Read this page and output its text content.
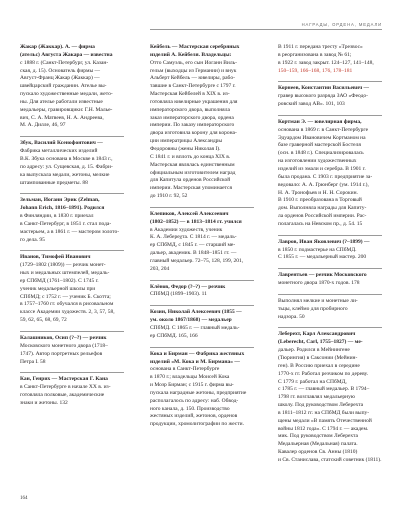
НАГРАДЫ, ОРДЕНА, МЕДАЛИ
Жакар (Жаккар). А. — фирма
(ательс) Августа Жакара — известна
с 1888 г. (Санкт-Петербург, ул. Казан-
ская, д. 15). Основатель фирмы —
Август-Франц Жакар (Жаккар) —
швейцарский гражданин. Ателье вы-
пускало художественные медали, жето-
ны. Для ателье работали известные
медальеры, гравировщики: Г.Н. Малье-
вич, С. А. Матвеев, Н. А. Андреева,
М. А. Дилле, 46, 97
Збук, Василий Ксенофонтович —
Фабрика металлических изделий
В.К. Збука основана в Москве в 1843 г.,
по адресу: ул. Сущевская, д. 15. Фабри-
ка выпускала медали, жетоны, мелкие
штампованные предметы. 88
Зельман, Иоганн Эрик (Zelman,
Johann Erich, 1816–1891). Родился
в Финляндии, в 1830 г. приехал
в Санкт-Петербург, в 1851 г. стал пода-
мастерьем, а в 1861 г. — мастером золото-
го дела. 95
Иванов, Тимофей Иванович
(1729–1802 (1809)) — резчик монет-
ных и медальных штемпелей, медаль-
ер СПбМД (1761–1802). С 1745 г.
ученик медальерной школы при
СПбМД; с 1752 г. — ученик Б. Скотта;
в 1757–1760 гг. обучался в рисовальном
классе Академии художеств. 2, 3, 57, 58,
59, 62, 65, 68, 69, 72
Калашников, Осип (?–?) — резчик
Московского монетного двора (1718–
1747). Автор портретных рельефов
Петра I. 58
Кан, Генрих — Мастерская Г. Кана
в Санкт-Петербурге в начале XX в. из-
готовляла полковые, академические
знаки и жетоны. 132
Кейбель — Мастерская серебряных
изделий А. Кейбеля. Владельцы:
Отто Самуэль, его сын Иоганн Виль-
гельм (выходцы из Германии) и внук
Альберт Кейбель — ювелиры, рабо-
тавшие в Санкт-Петербурге с 1797 г.
Мастерская Кейбелей в XIX в. из-
готовляла ювелирные украшения для
императорского двора, выполняла
заказ императорского двора, ордена
империи. По заказу императорского
двора изготовила корону для корона-
ции императрицы Александры
Федоровны (жены Николая I).
С 1841 г. и вплоть до конца XIX в.
Мастерская являлась единственным
официальным изготовителем наград
для Капитула орденов Российской
империи. Мастерская упоминается
до 1910 г. 92, 52
Клепиков, Алексей Алексеевич
(1802–1852) — в 1813–1814 гг. учился
в Академии художеств, ученик
К. А. Лебереχта. С 1814 г. — медаль-
ер СПбМД, с 1845 г. — старший ме-
дальер, академик. В 1848–1851 гг. —
главный медальер. 72–75, 128, 199, 201,
203, 204
Клёнов, Федор (?–?) — резчик
СПбМД (1899–1903). 11
Козин, Николай Алексеевич (1855 —
ум. около 1867/1868) — медальер
СПбМД. С 1865 г. — главный медаль-
ер СПбМД. 165, 166
Кока и Бирман — Фабрика жестяных
изделий «М. Кока и М. Бирмана» —
основана в Санкт-Петербурге
в 1870 г.; владельцы Моисей Кока
и Мозр Бирман; с 1915 г. фирма вы-
пускала наградные жетоны, предприятие
располагалось по адресу: наб. Обвод-
ного канала, д. 150. Производство
жестяных изделий, жетонов, орденов
продукции, хромолитографии по жести.
В 1911 г. передана тресту «Трезвос»
в реорганизована в завод № 61;
в 1922 г. завод закрыт. 124–127, 141–148,
150–159, 166–168, 176, 178–181
Корнеев, Константин Васильевич —
гравер высокого разряда ЗАО «Феодо-
ровский завод АВ». 101, 103
Кортман Э. — ювелирная фирма,
основана в 1869 г. в Санкт-Петербурге
Эдуардом Ивановичем Кортманом на
базе граверной мастерской Бостеля
(осн. в 1848 г.). Специализировалась
на изготовлении художественных
изделий из эмали и серебра. В 1901 г.
была продана. С 1903 г. предприятие за-
ведовало: А. А. Грюнберг (ум. 1914 г.),
Н. А. Тронофьев и Н. Н. Сорокин.
В 1910 г. преобразована в Торговый
дом. Выполняла награды для Капиту-
ла орденов Российской империи. Рас-
полагалась на Невском пр., д. 54. 15
Лавров, Иван Яковлевич (?–1899) —
в 1850 г. подмастерье на СПбМД.
С 1855 г. — медальерный мастер. 200
Лаврентьев — резчик Московского
монетного двора 1870-х годов. 178
Выполнял мелкие и монетные ли-
тьцы, клеймо для пробирного
надзора. 50
Леберехт, Карл Александрович
(Leberecht, Carl, 1755–1827) — ме-
дальер. Родился в Мейнингене
(Тюрингия) в Саксонии (Мейнин-
ген). В Россию приехал в середине
1770-х гг. Работал резчиком по дереву.
С 1779 г. работал на СПбМД,
с 1785 г. — главный медальер. В 1794–
1798 гг. возглавлял медальерную
школу. Под руководством Леберехта
в 1811–1812 гг. на СПбМД были выпу-
щены медали «В память Отечественной
войны 1812 года». С 1794 г. — академ.
мик. Под руководством Леберехта
Медальерная (Медальная) палата.
Кавалер орденов Св. Анны (1810)
и Св. Станислава, статский советник (1811).
164
